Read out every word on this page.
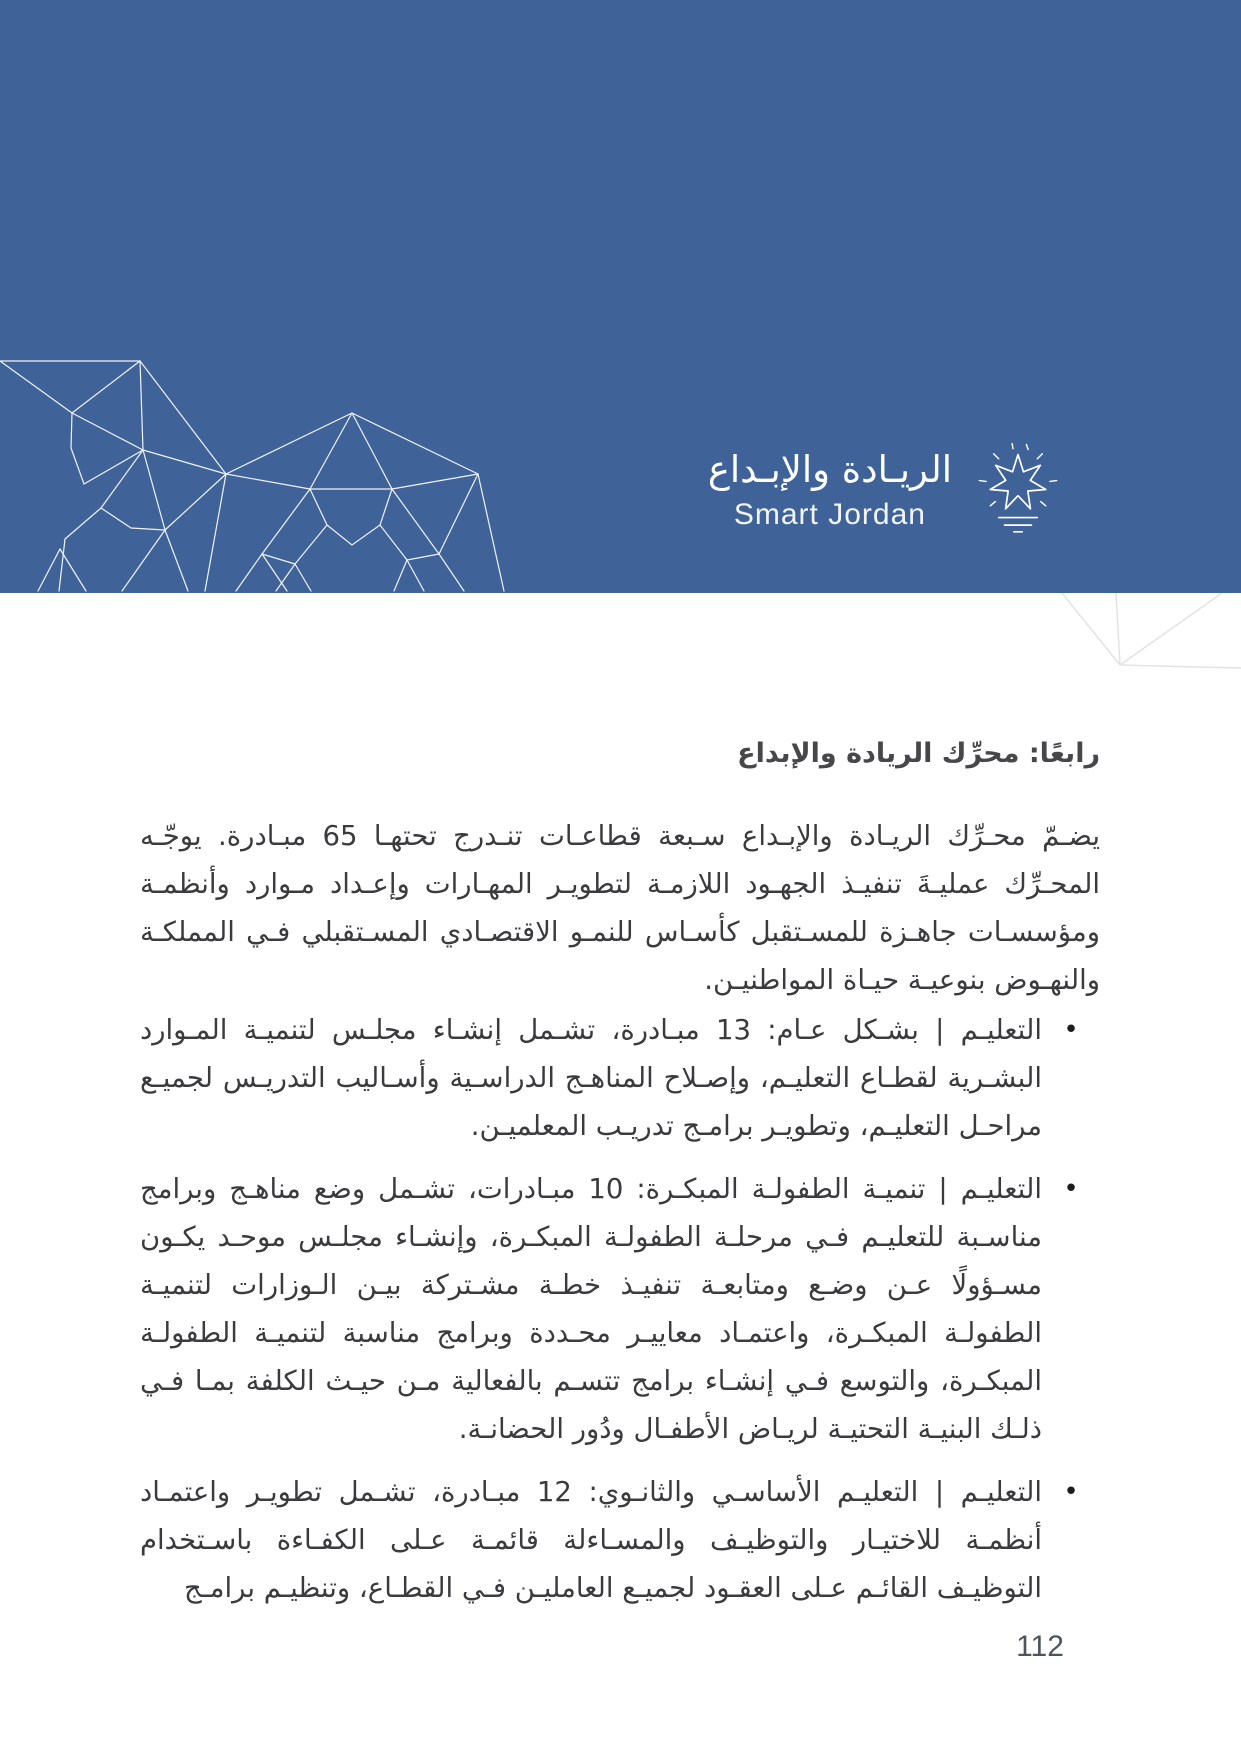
الريـادة والإبـداع
Smart Jordan
رابعًا: محرِّك الريادة والإبداع

يضـمّ محـرِّك الريـادة والإبـداع سـبعة قطاعـات تنـدرج تحتهـا 65 مبـادرة. يوجّـه المحـرِّك عمليـةَ تنفيـذ الجهـود اللازمـة لتطويـر المهـارات وإعـداد مـوارد وأنظمـة ومؤسسـات جاهـزة للمسـتقبل كأسـاس للنمـو الاقتصـادي المسـتقبلي فـي المملكـة والنهـوض بنوعيـة حيـاة المواطنيـن.

•
التعليـم | بشـكل عـام: 13 مبـادرة، تشـمل إنشـاء مجلـس لتنميـة المـوارد البشـرية لقطـاع التعليـم، وإصـلاح المناهـج الدراسـية وأسـاليب التدريـس لجميـع مراحـل التعليـم، وتطويـر برامـج تدريـب المعلميـن.
•
التعليـم | تنميـة الطفولـة المبكـرة: 10 مبـادرات، تشـمل وضع مناهـج وبرامج مناسـبة للتعليـم فـي مرحلـة الطفولـة المبكـرة، وإنشـاء مجلـس موحـد يكـون مسـؤولًا عـن وضـع ومتابعـة تنفيـذ خطـة مشـتركة بيـن الـوزارات لتنميـة الطفولـة المبكـرة، واعتمـاد معاييـر محـددة وبرامج مناسبة لتنميـة الطفولـة المبكـرة، والتوسع فـي إنشـاء برامج تتسـم بالفعالية مـن حيـث الكلفة بمـا فـي ذلـك البنيـة التحتيـة لريـاض الأطفـال ودُور الحضانـة.
•
التعليـم | التعليـم الأساسـي والثانـوي: 12 مبـادرة، تشـمل تطويـر واعتمـاد أنظمـة للاختيـار والتوظيـف والمسـاءلة قائمـة عـلى الكفـاءة باسـتخدام التوظيـف القائـم عـلى العقـود لجميـع العامليـن فـي القطـاع، وتنظيـم برامـج
112
